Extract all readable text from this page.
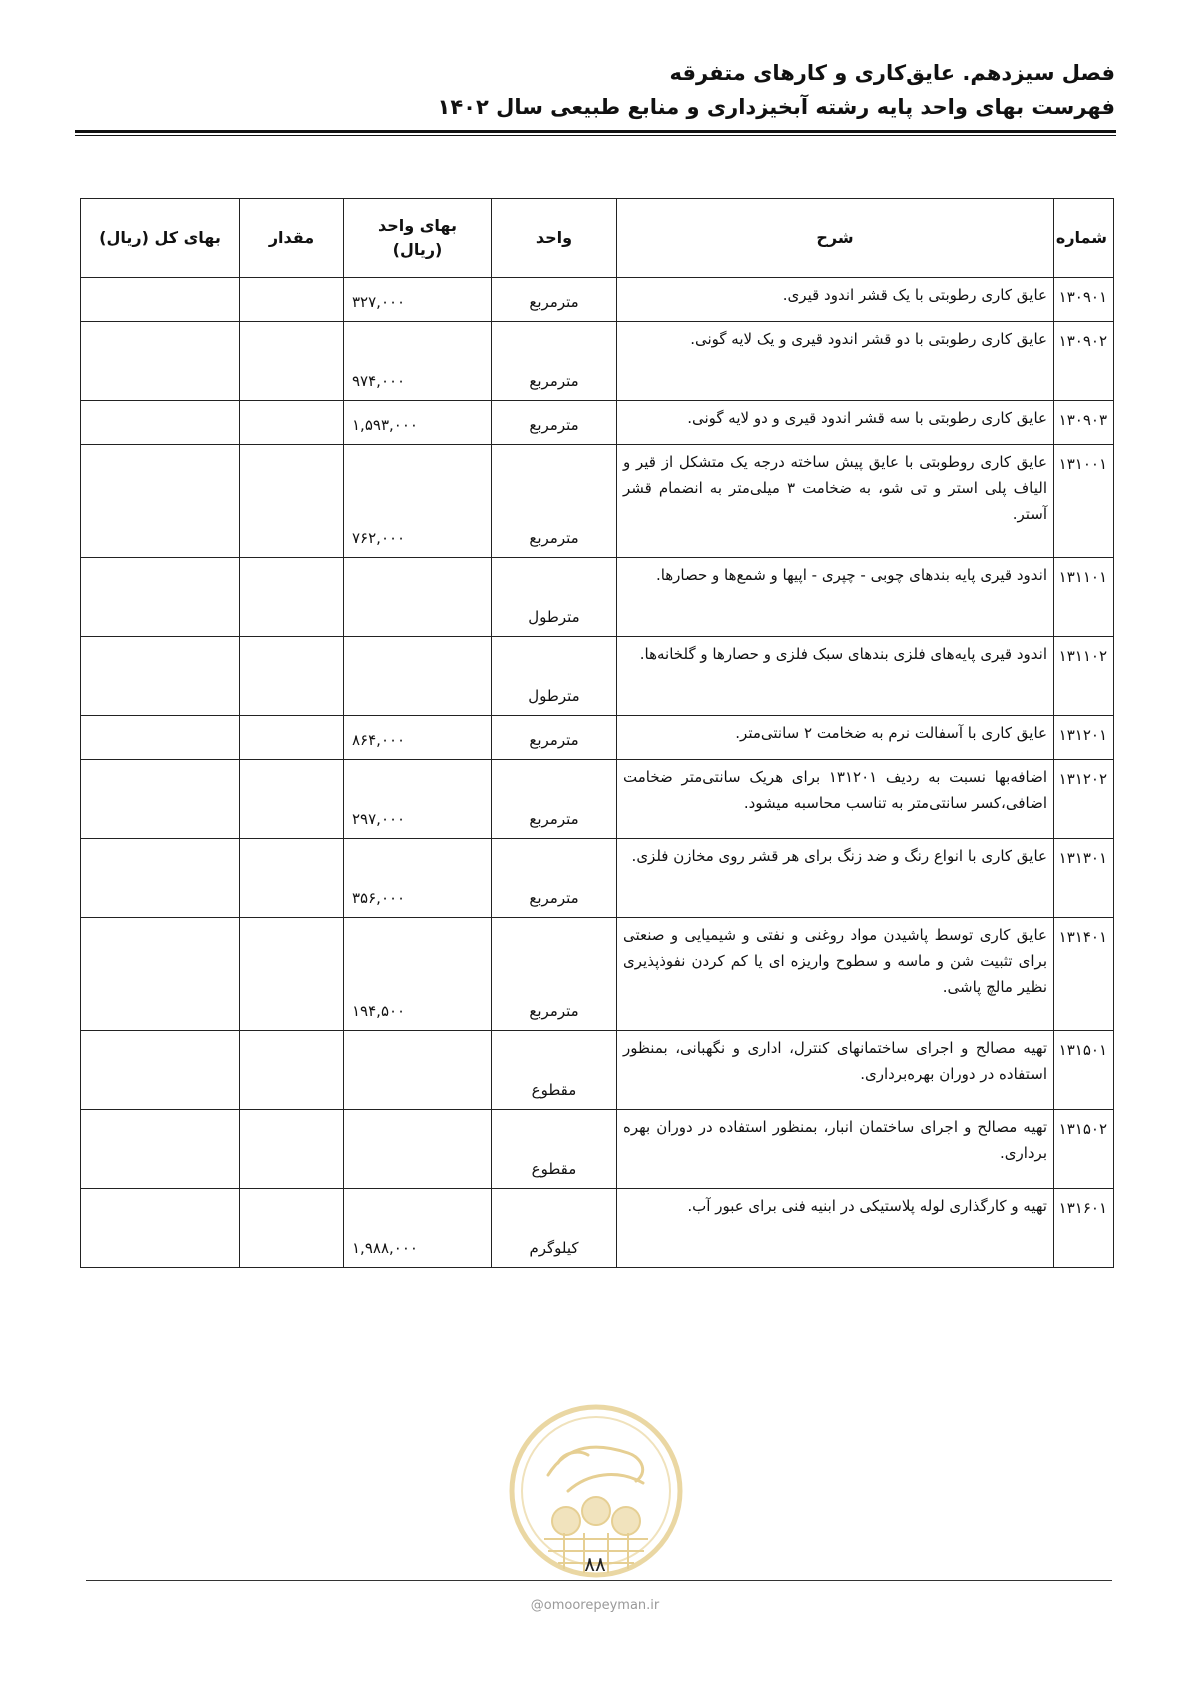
فصل سیزدهم. عایق‌کاری و کارهای متفرقه
فهرست بهای واحد پایه رشته آبخیزداری و منابع طبیعی سال ۱۴۰۲
شماره	شرح	واحد	بهای واحد
(ریال)	مقدار	بهای کل (ریال)
۱۳۰۹۰۱	عایق کاری رطوبتی با یک قشر اندود قیری.	مترمربع	۳۲۷,۰۰۰		
۱۳۰۹۰۲	عایق کاری رطوبتی با دو قشر اندود قیری و یک لایه گونی.	مترمربع	۹۷۴,۰۰۰		
۱۳۰۹۰۳	عایق کاری رطوبتی با سه قشر اندود قیری و دو لایه گونی.	مترمربع	۱,۵۹۳,۰۰۰		
۱۳۱۰۰۱	عایق کاری روطوبتی با عایق پیش ساخته درجه یک متشکل از قیر و الیاف پلی استر و تی شو، به ضخامت ۳ میلی‌متر به انضمام قشر آستر.	مترمربع	۷۶۲,۰۰۰		
۱۳۱۱۰۱	اندود قیری پایه بندهای چوبی - چپری - اپیها و شمع‌ها و حصارها.	مترطول			
۱۳۱۱۰۲	اندود قیری پایه‌های فلزی بندهای سبک فلزی و حصارها و گلخانه‌ها.	مترطول			
۱۳۱۲۰۱	عایق کاری با آسفالت نرم به ضخامت ۲ سانتی‌متر.	مترمربع	۸۶۴,۰۰۰		
۱۳۱۲۰۲	اضافه‌بها نسبت به ردیف ۱۳۱۲۰۱ برای هریک سانتی‌متر ضخامت اضافی،کسر سانتی‌متر به تناسب محاسبه میشود.	مترمربع	۲۹۷,۰۰۰		
۱۳۱۳۰۱	عایق کاری با انواع رنگ و ضد زنگ برای هر قشر روی مخازن فلزی.	مترمربع	۳۵۶,۰۰۰		
۱۳۱۴۰۱	عایق کاری توسط پاشیدن مواد روغنی و نفتی و شیمیایی و صنعتی برای تثبیت شن و ماسه و سطوح واریزه ای یا کم کردن نفوذپذیری نظیر مالچ پاشی.	مترمربع	۱۹۴,۵۰۰		
۱۳۱۵۰۱	تهیه مصالح و اجرای ساختمانهای کنترل، اداری و نگهبانی، بمنظور استفاده در دوران بهره‌برداری.	مقطوع			
۱۳۱۵۰۲	تهیه مصالح و اجرای ساختمان انبار، بمنظور استفاده در دوران بهره برداری.	مقطوع			
۱۳۱۶۰۱	تهیه و کارگذاری لوله پلاستیکی در ابنیه فنی برای عبور آب.	کیلوگرم	۱,۹۸۸,۰۰۰		
۸۸
@omoorepeyman.ir
